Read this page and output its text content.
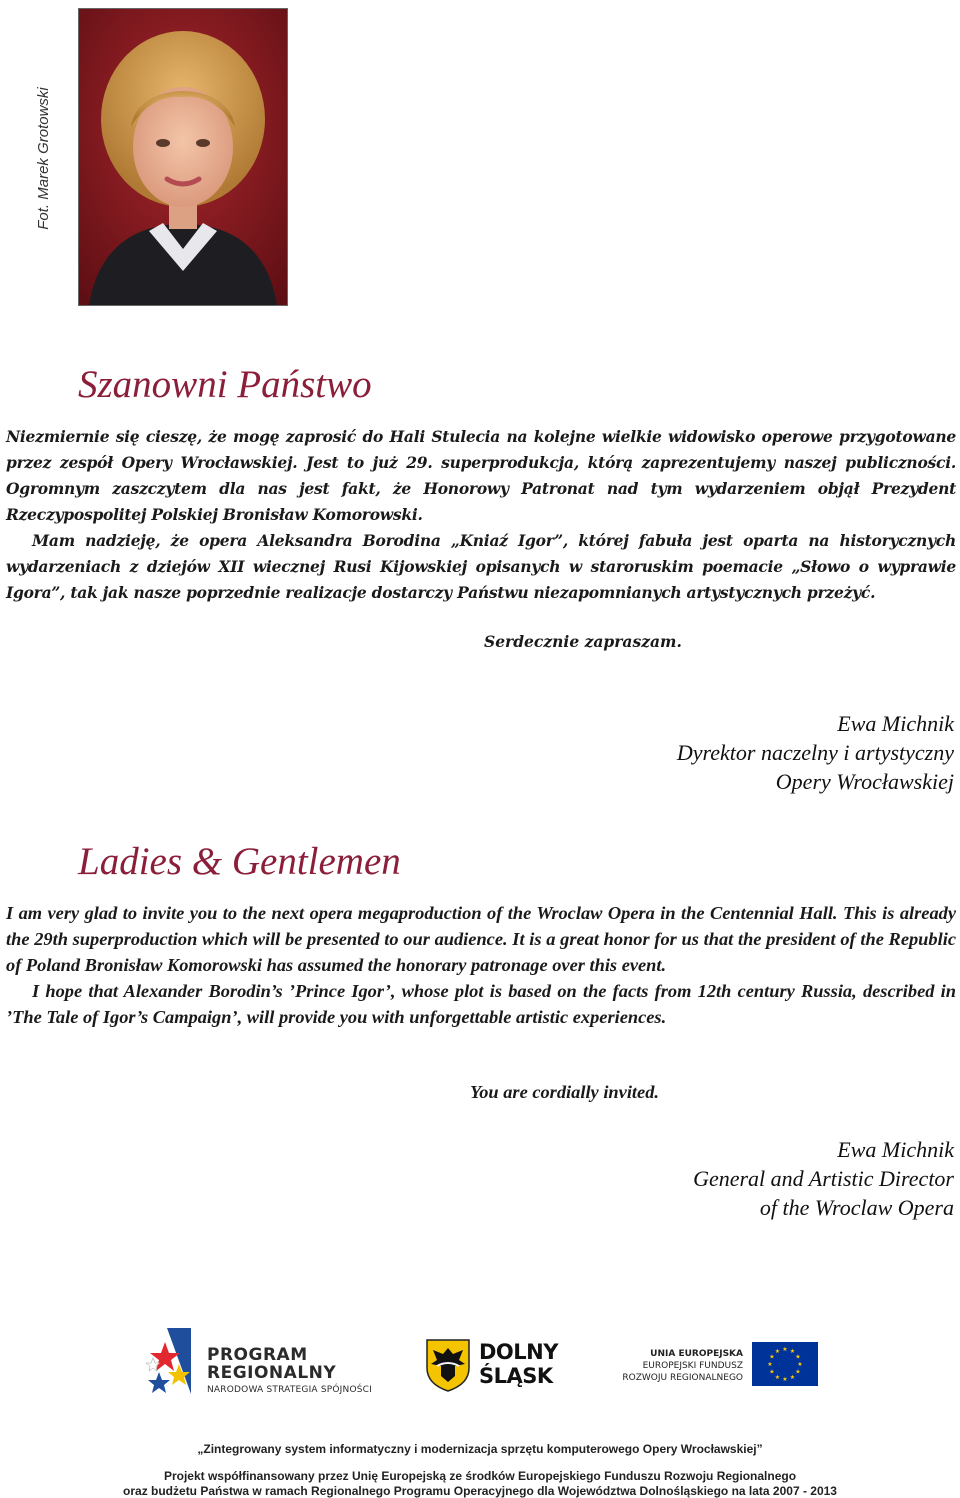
Fot. Marek Grotowski
Szanowni Państwo

Niezmiernie się cieszę, że mogę zaprosić do Hali Stulecia na kolejne wielkie widowisko operowe przygotowane przez zespół Opery Wrocławskiej. Jest to już 29. superprodukcja, którą zaprezentujemy naszej publiczności. Ogromnym zaszczytem dla nas jest fakt, że Honorowy Patronat nad tym wydarzeniem objął Prezydent Rzeczypospolitej Polskiej Bronisław Komorowski.

Mam nadzieję, że opera Aleksandra Borodina „Kniaź Igor”, której fabuła jest oparta na historycznych wydarzeniach z dziejów XII wiecznej Rusi Kijowskiej opisanych w staroruskim poemacie „Słowo o wyprawie Igora”, tak jak nasze poprzednie realizacje dostarczy Państwu niezapomnianych artystycznych przeżyć.

Serdecznie zapraszam.
Ewa Michnik
Dyrektor naczelny i artystyczny
Opery Wrocławskiej
Ladies & Gentlemen

I am very glad to invite you to the next opera megaproduction of the Wroclaw Opera in the Centennial Hall. This is already the 29th superproduction which will be presented to our audience. It is a great honor for us that the president of the Republic of Poland Bronisław Komorowski has assumed the honorary patronage over this event.

I hope that Alexander Borodin’s ’Prince Igor’, whose plot is based on the facts from 12th century Russia, described in ’The Tale of Igor’s Campaign’, will provide you with unforgettable artistic experiences.

You are cordially invited.
Ewa Michnik
General and Artistic Director
of the Wroclaw Opera
PROGRAM
REGIONALNY
NARODOWA STRATEGIA SPÓJNOŚCI
DOLNY
ŚLĄSK
UNIA EUROPEJSKA
EUROPEJSKI FUNDUSZ
ROZWOJU REGIONALNEGO
★ ★
★
★
★
★
★
★
★
★
★
★
„Zintegrowany system informatyczny i modernizacja sprzętu komputerowego Opery Wrocławskiej”
Projekt współfinansowany przez Unię Europejską ze środków Europejskiego Funduszu Rozwoju Regionalnego
oraz budżetu Państwa w ramach Regionalnego Programu Operacyjnego dla Województwa Dolnośląskiego na lata 2007 - 2013
